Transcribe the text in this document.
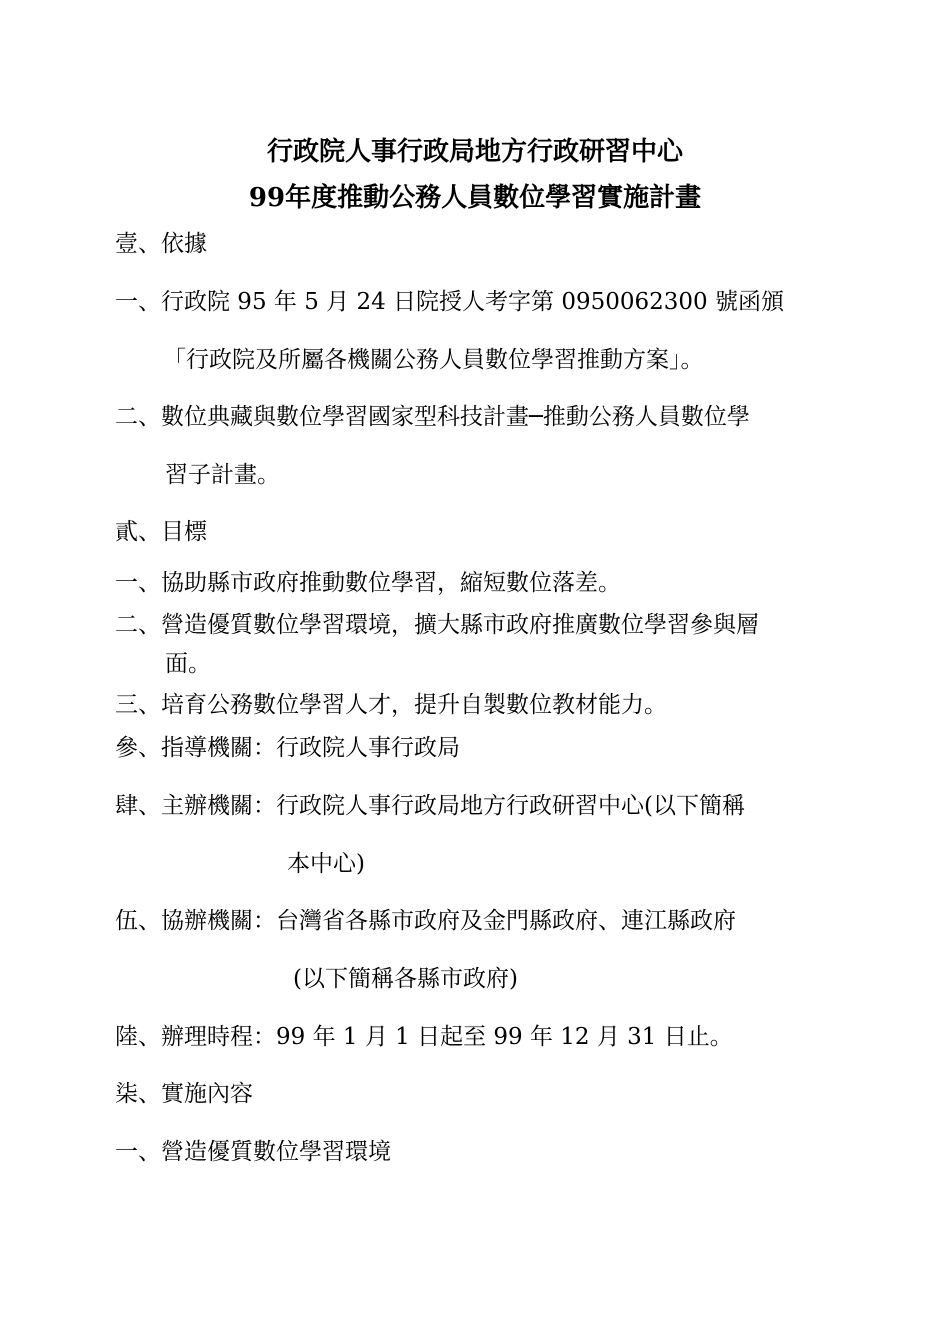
行政院人事行政局地方行政研習中心
99年度推動公務人員數位學習實施計畫
壹、依據
一、行政院 95 年 5 月 24 日院授人考字第 0950062300 號函頒
「行政院及所屬各機關公務人員數位學習推動方案」。
二、數位典藏與數位學習國家型科技計畫─推動公務人員數位學
習子計畫。
貳、目標
一、協助縣市政府推動數位學習，縮短數位落差。
二、營造優質數位學習環境，擴大縣市政府推廣數位學習參與層
面。
三、培育公務數位學習人才，提升自製數位教材能力。
參、指導機關：行政院人事行政局
肆、主辦機關：行政院人事行政局地方行政研習中心(以下簡稱
本中心)
伍、協辦機關：台灣省各縣市政府及金門縣政府、連江縣政府
(以下簡稱各縣市政府)
陸、辦理時程：99 年 1 月 1 日起至 99 年 12 月 31 日止。
柒、實施內容
一、營造優質數位學習環境
